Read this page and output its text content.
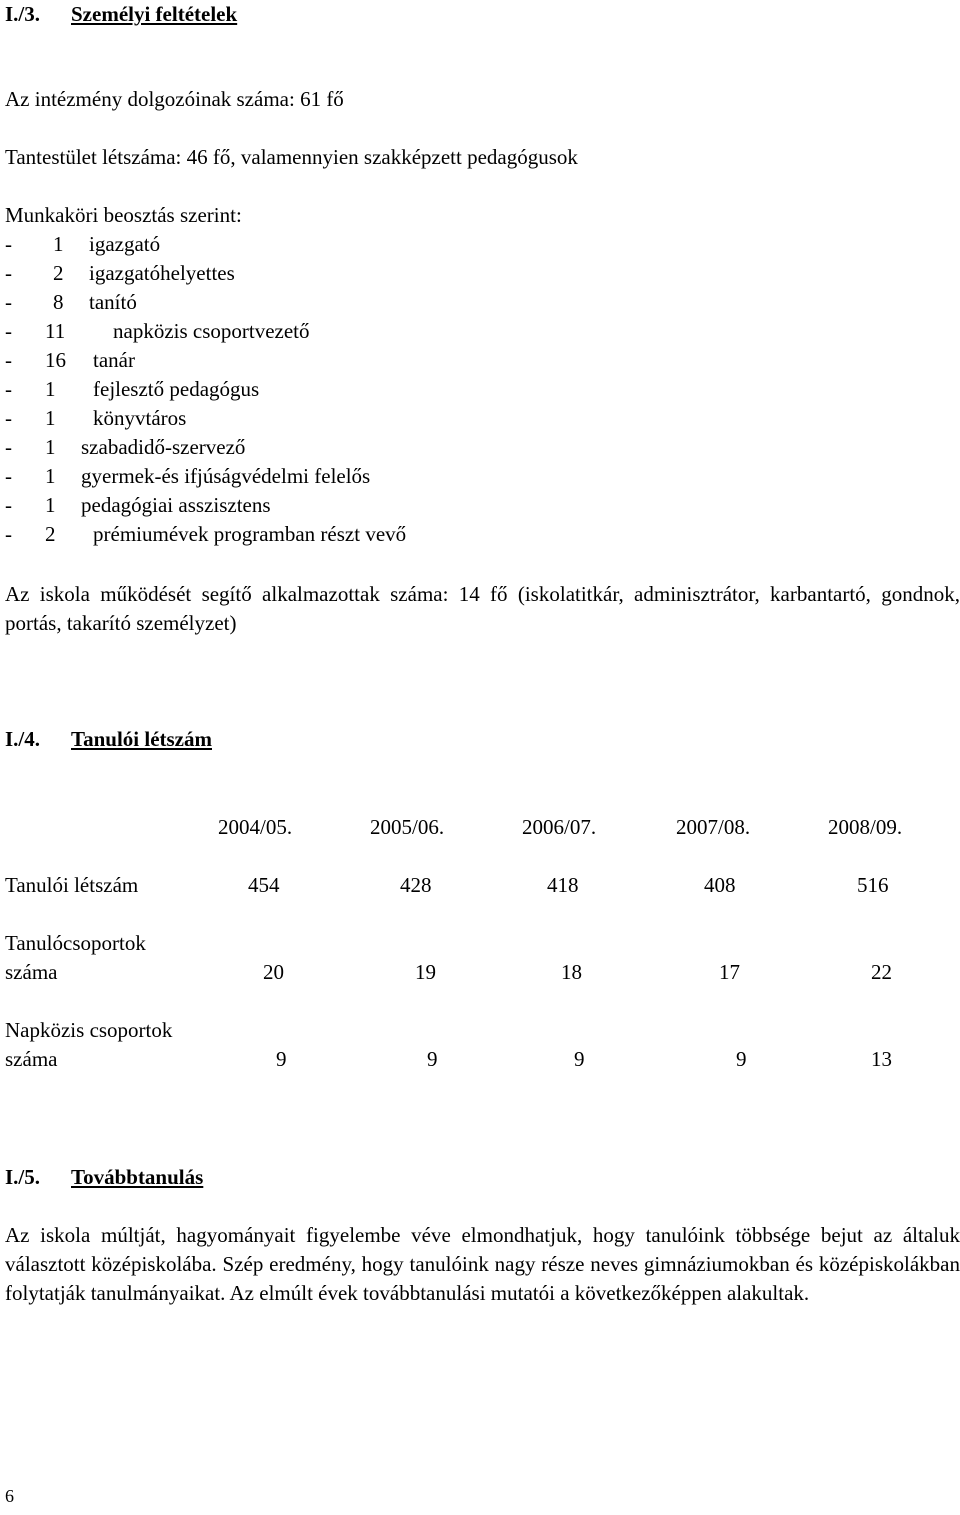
I./3. Személyi feltételek
Az intézmény dolgozóinak száma: 61 fő
Tantestület létszáma: 46 fő, valamennyien szakképzett pedagógusok
Munkaköri beosztás szerint:
- 1 igazgató
- 2 igazgatóhelyettes
- 8 tanító
- 11 napközis csoportvezető
- 16 tanár
- 1 fejlesztő pedagógus
- 1 könyvtáros
- 1 szabadidő-szervező
- 1 gyermek-és ifjúságvédelmi felelős
- 1 pedagógiai asszisztens
- 2 prémiumévek programban részt vevő
Az iskola működését segítő alkalmazottak száma: 14 fő (iskolatitkár, adminisztrátor, karbantartó, gondnok, portás, takarító személyzet)
I./4. Tanulói létszám
2004/05.	2005/06.	2006/07.	2007/08.	2008/09.
Tanulói létszám	454	428	418	408	516
Tanulócsoportok
száma	20	19	18	17	22
Napközis csoportok
száma	9	9	9	9	13
I./5. Továbbtanulás
Az iskola múltját, hagyományait figyelembe véve elmondhatjuk, hogy tanulóink többsége bejut az általuk választott középiskolába. Szép eredmény, hogy tanulóink nagy része neves gimnáziumokban és középiskolákban folytatják tanulmányaikat. Az elmúlt évek továbbtanulási mutatói a következőképpen alakultak.
6
